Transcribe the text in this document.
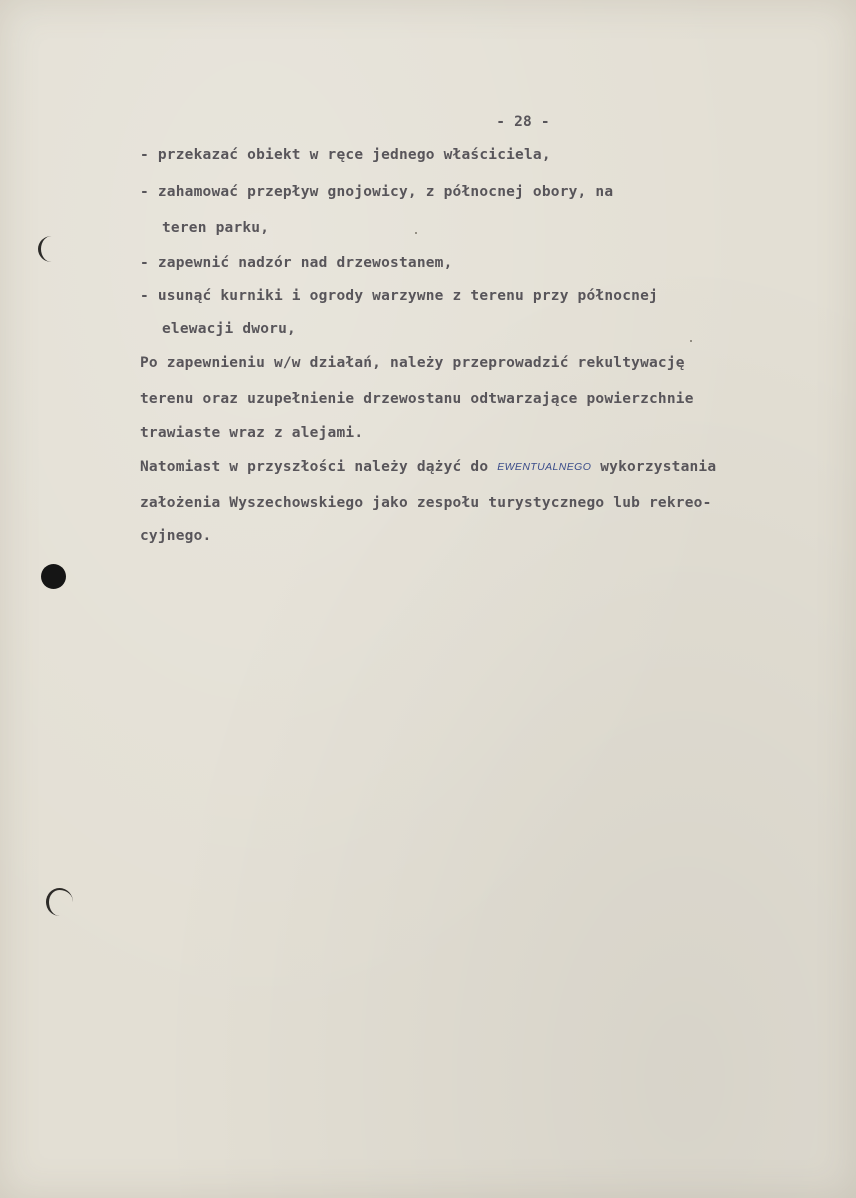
- 28 -
- przekazać obiekt w ręce jednego właściciela,
- zahamować przepływ gnojowicy, z północnej obory, na
teren parku,
- zapewnić nadzór nad drzewostanem,
- usunąć kurniki i ogrody warzywne z terenu przy północnej
elewacji dworu,
Po zapewnieniu w/w działań, należy przeprowadzić rekultywację
terenu oraz uzupełnienie drzewostanu odtwarzające powierzchnie
trawiaste wraz z alejami.
Natomiast w przyszłości należy dążyć do EWENTUALNEGO wykorzystania
założenia Wyszechowskiego jako zespołu turystycznego lub rekreo-
cyjnego.
